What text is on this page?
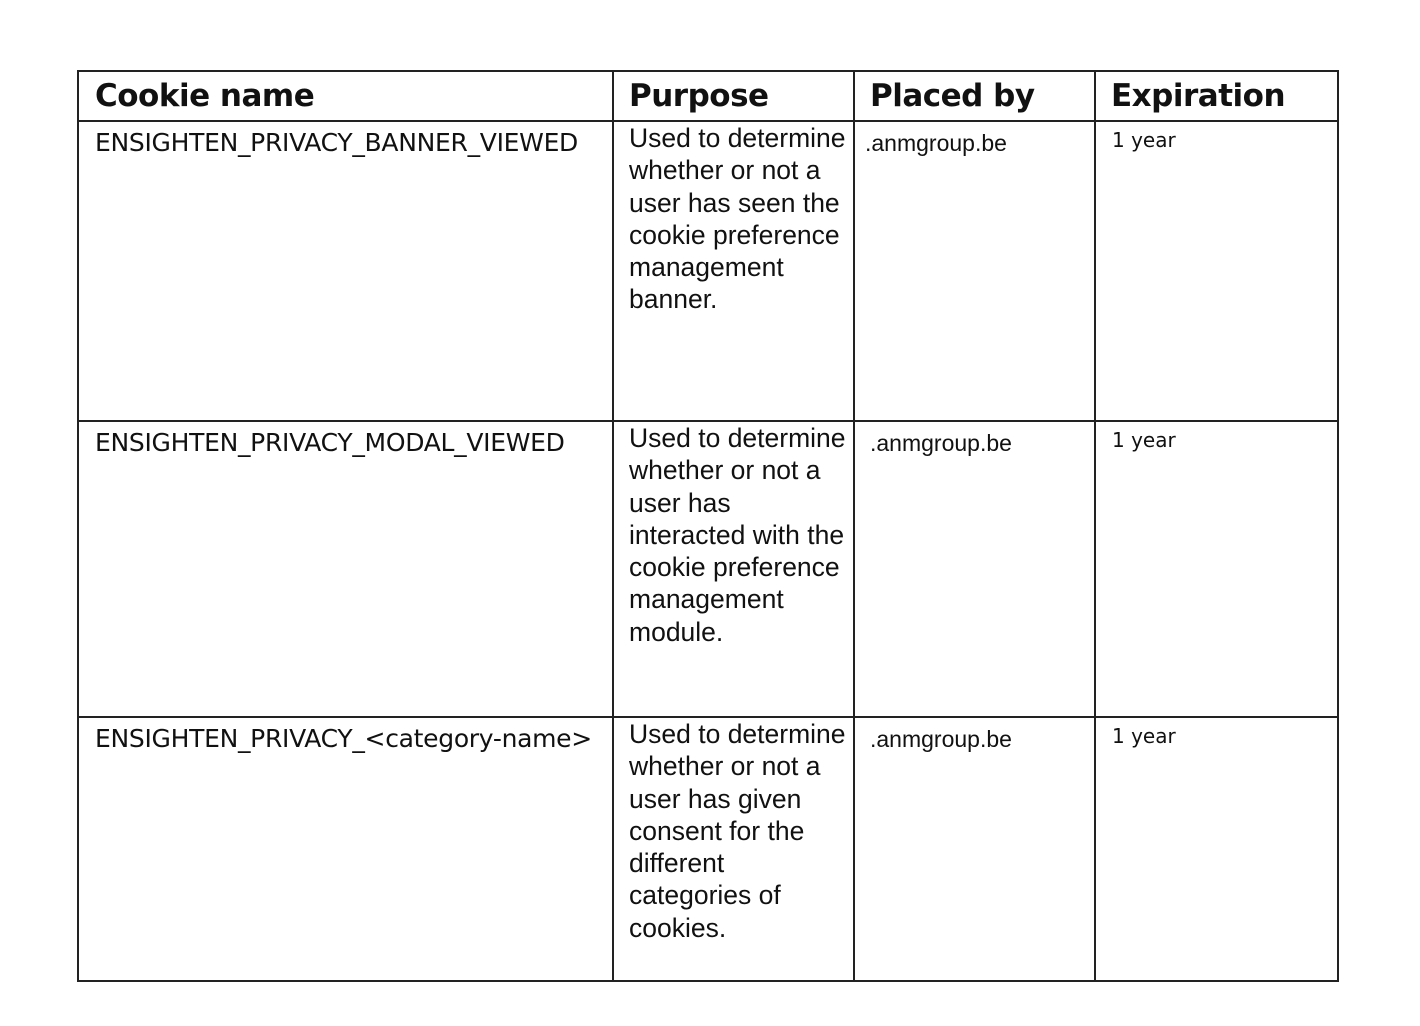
Cookie name	Purpose	Placed by	Expiration
ENSIGHTEN_PRIVACY_BANNER_VIEWED	Used to determine whether or not a user has seen the cookie preference management banner.	.anmgroup.be	1 year
ENSIGHTEN_PRIVACY_MODAL_VIEWED	Used to determine whether or not a user has interacted with the cookie preference management module.	.anmgroup.be	1 year
ENSIGHTEN_PRIVACY_<category-name>	Used to determine whether or not a user has given consent for the different categories of cookies.	.anmgroup.be	1 year
